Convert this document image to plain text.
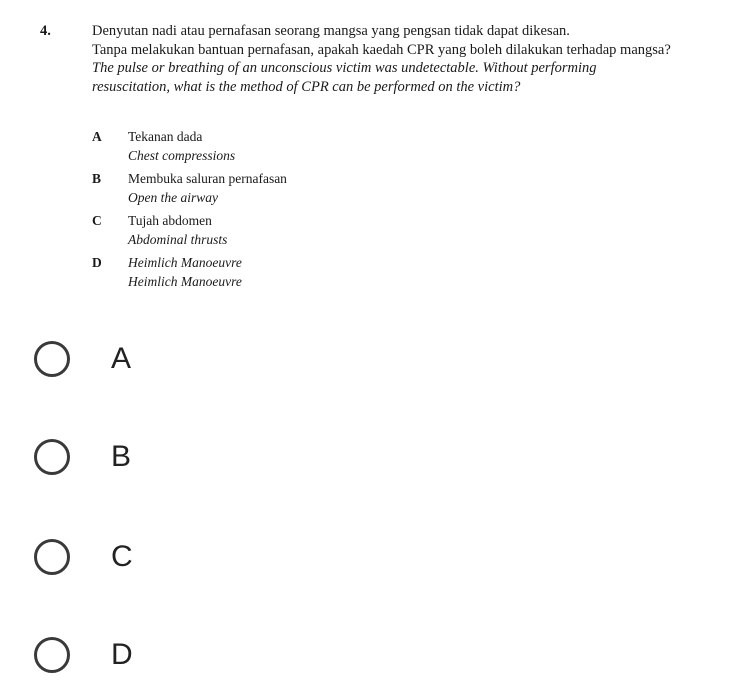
4.	Denyutan nadi atau pernafasan seorang mangsa yang pengsan tidak dapat dikesan.
Tanpa melakukan bantuan pernafasan, apakah kaedah CPR yang boleh dilakukan terhadap mangsa?
The pulse or breathing of an unconscious victim was undetectable. Without performing
resuscitation, what is the method of CPR can be performed on the victim?
A Tekanan dada
Chest compressions
B Membuka saluran pernafasan
Open the airway
C Tujah abdomen
Abdominal thrusts
D Heimlich Manoeuvre
Heimlich Manoeuvre
A
B
C
D
